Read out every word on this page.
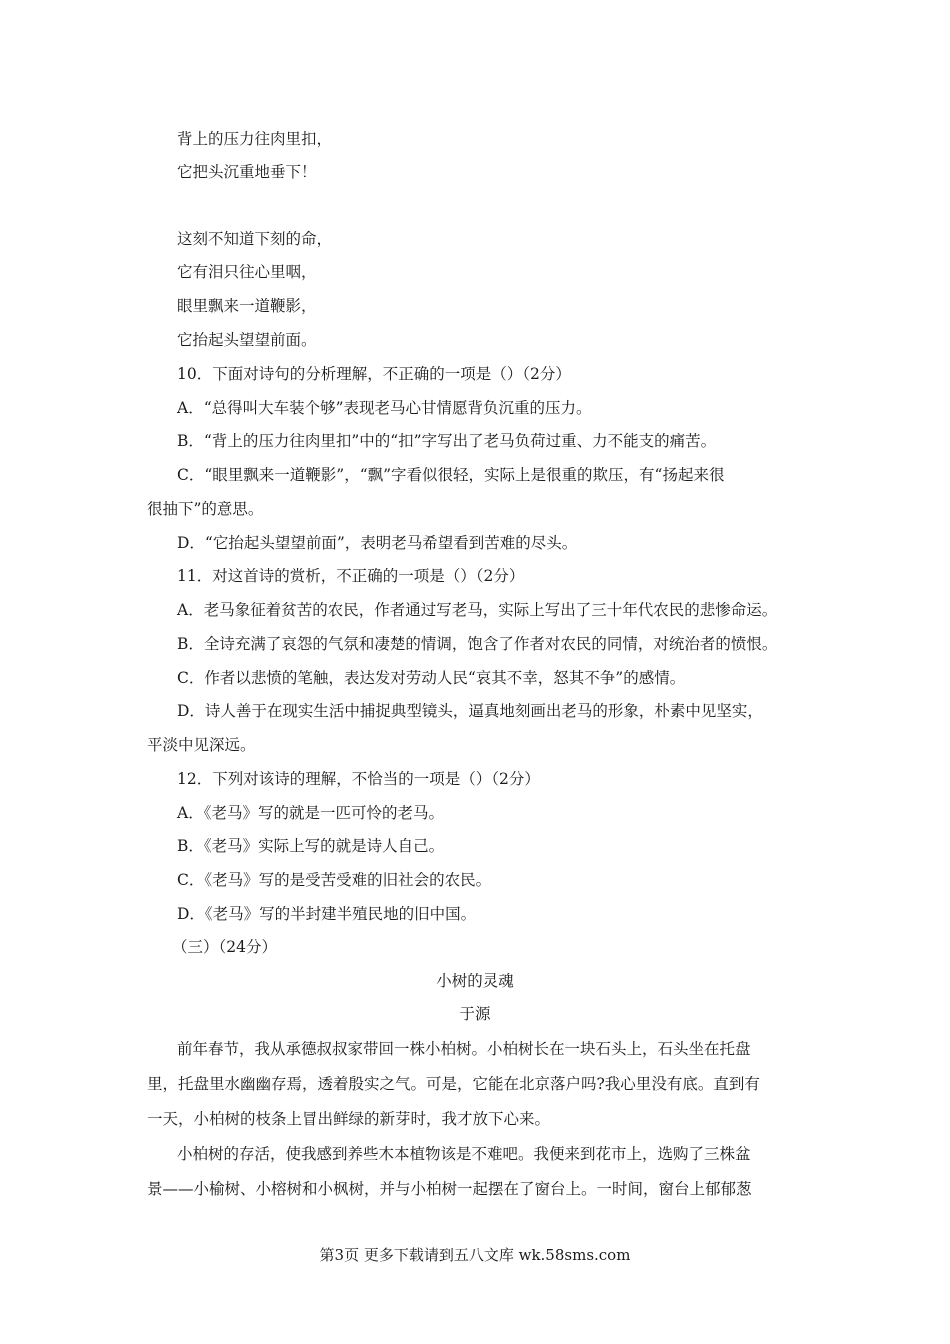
背上的压力往肉里扣，
它把头沉重地垂下！
这刻不知道下刻的命，
它有泪只往心里咽，
眼里飘来一道鞭影，
它抬起头望望前面。
10．下面对诗句的分析理解，不正确的一项是（）（2分）
A．“总得叫大车装个够”表现老马心甘情愿背负沉重的压力。
B．“背上的压力往肉里扣”中的“扣”字写出了老马负荷过重、力不能支的痛苦。
C．“眼里飘来一道鞭影”，“飘”字看似很轻，实际上是很重的欺压，有“扬起来很
很抽下”的意思。
D．“它抬起头望望前面”，表明老马希望看到苦难的尽头。
11．对这首诗的赏析，不正确的一项是（）（2分）
A．老马象征着贫苦的农民，作者通过写老马，实际上写出了三十年代农民的悲惨命运。
B．全诗充满了哀怨的气氛和凄楚的情调，饱含了作者对农民的同情，对统治者的愤恨。
C．作者以悲愤的笔触，表达发对劳动人民“哀其不幸，怒其不争”的感情。
D．诗人善于在现实生活中捕捉典型镜头，逼真地刻画出老马的形象，朴素中见坚实，
平淡中见深远。
12．下列对该诗的理解，不恰当的一项是（）（2分）
A．《老马》写的就是一匹可怜的老马。
B．《老马》实际上写的就是诗人自己。
C．《老马》写的是受苦受难的旧社会的农民。
D．《老马》写的半封建半殖民地的旧中国。
（三）（24分）
小树的灵魂
于源
前年春节，我从承德叔叔家带回一株小柏树。小柏树长在一块石头上，石头坐在托盘
里，托盘里水幽幽存焉，透着殷实之气。可是，它能在北京落户吗?我心里没有底。直到有
一天，小柏树的枝条上冒出鲜绿的新芽时，我才放下心来。
小柏树的存活，使我感到养些木本植物该是不难吧。我便来到花市上，选购了三株盆
景——小榆树、小榕树和小枫树，并与小柏树一起摆在了窗台上。一时间，窗台上郁郁葱
第3页 更多下载请到五八文库 wk.58sms.com
